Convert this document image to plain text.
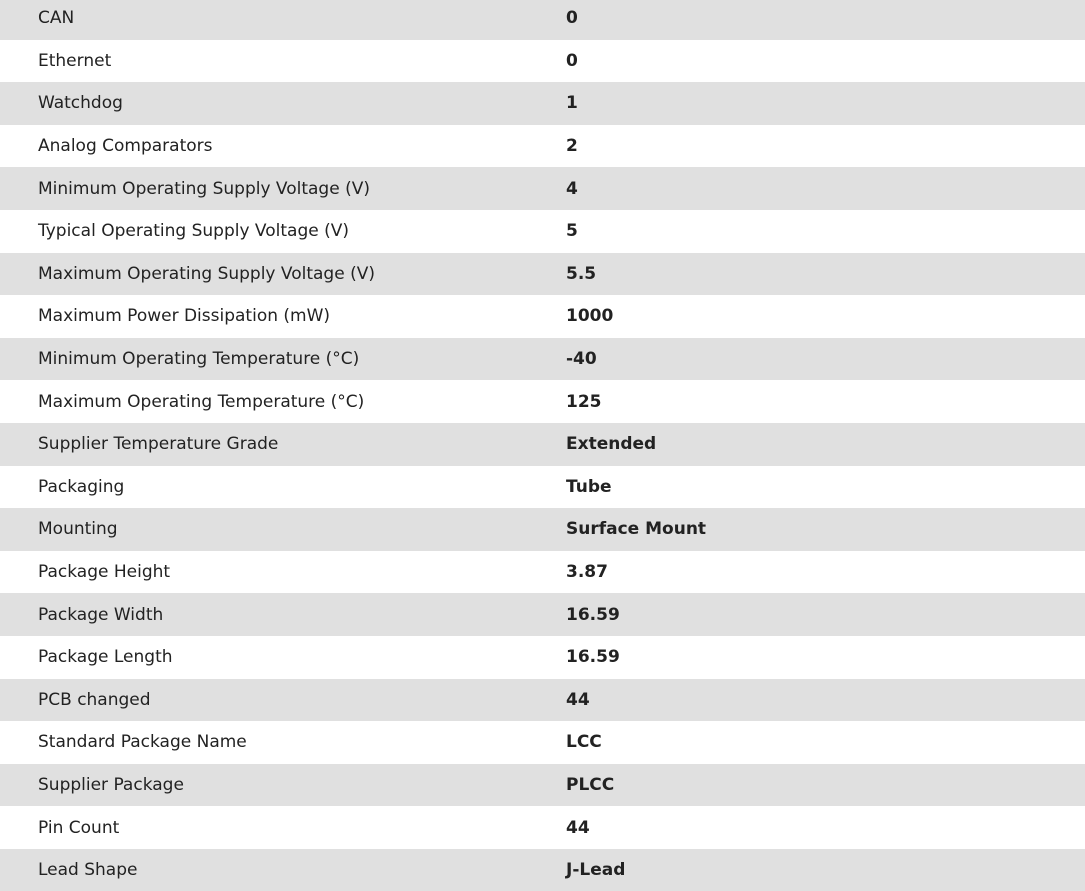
CAN	0
Ethernet	0
Watchdog	1
Analog Comparators	2
Minimum Operating Supply Voltage (V)	4
Typical Operating Supply Voltage (V)	5
Maximum Operating Supply Voltage (V)	5.5
Maximum Power Dissipation (mW)	1000
Minimum Operating Temperature (°C)	-40
Maximum Operating Temperature (°C)	125
Supplier Temperature Grade	Extended
Packaging	Tube
Mounting	Surface Mount
Package Height	3.87
Package Width	16.59
Package Length	16.59
PCB changed	44
Standard Package Name	LCC
Supplier Package	PLCC
Pin Count	44
Lead Shape	J-Lead
